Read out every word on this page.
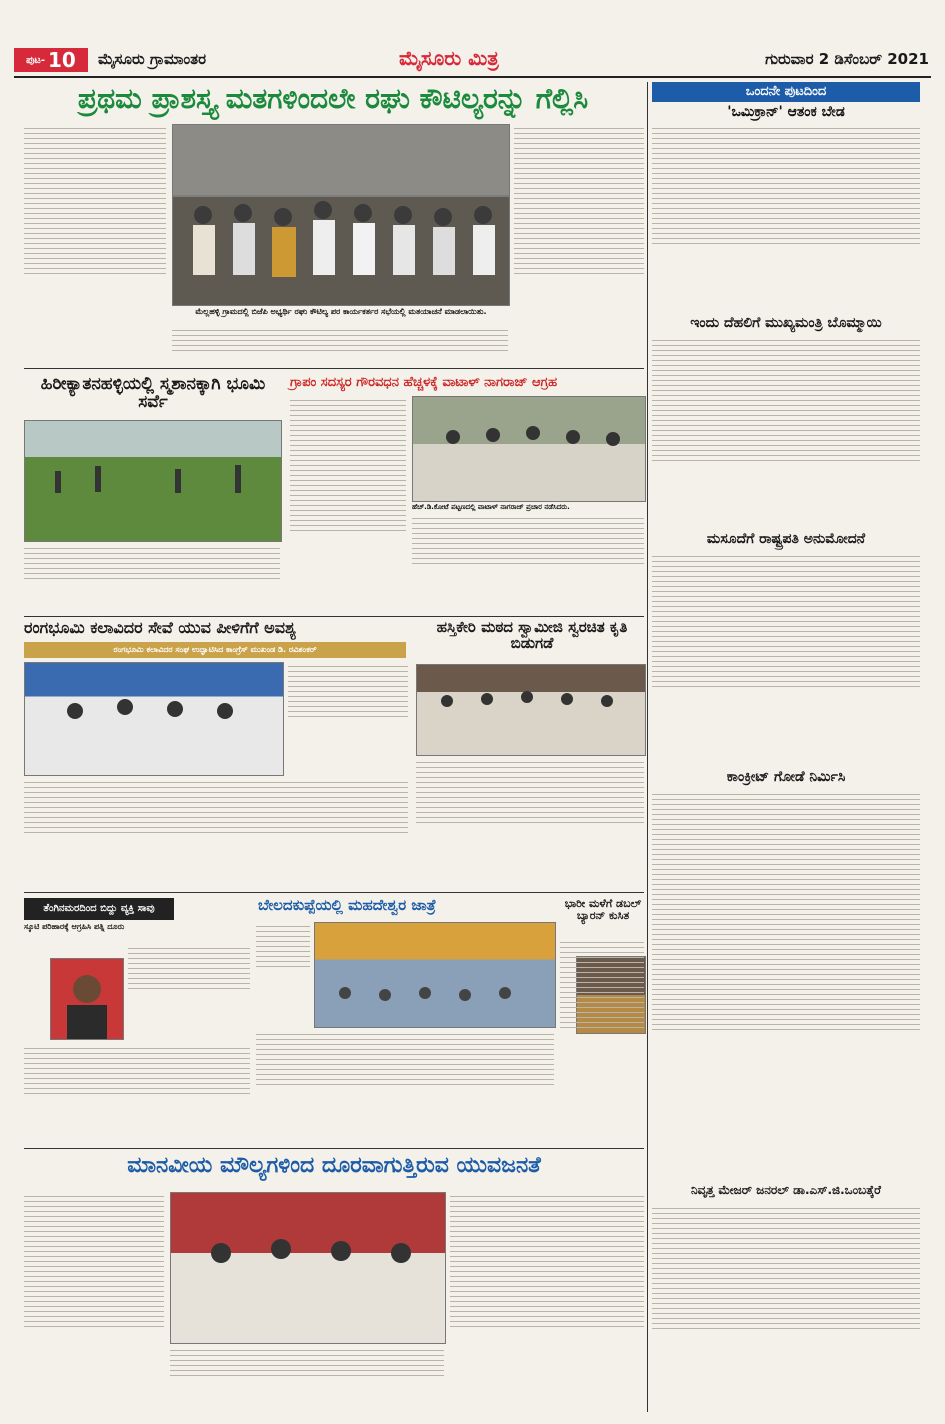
ಪುಟ- 10 ಮೈಸೂರು ಗ್ರಾಮಾಂತರ	ಮೈಸೂರು ಮಿತ್ರ	ಗುರುವಾರ 2 ಡಿಸೆಂಬರ್ 2021
ಪ್ರಥಮ ಪ್ರಾಶಸ್ತ್ಯ ಮತಗಳಿಂದಲೇ ರಘು ಕೌಟಿಲ್ಯರನ್ನು ಗೆಲ್ಲಿಸಿ
ಮೆಲ್ಲಹಳ್ಳಿ ಗ್ರಾಮದಲ್ಲಿ ಬಿಜೆಪಿ ಅಭ್ಯರ್ಥಿ ರಘು ಕೌಟಿಲ್ಯ ಪರ ಕಾರ್ಯಕರ್ತರ ಸಭೆಯಲ್ಲಿ ಮತಯಾಚನೆ ಮಾಡಲಾಯಿತು.
ಒಂದನೇ ಪುಟದಿಂದ
'ಒಮಿಕ್ರಾನ್' ಆತಂಕ ಬೇಡ
ಇಂದು ದೆಹಲಿಗೆ ಮುಖ್ಯಮಂತ್ರಿ ಬೊಮ್ಮಾಯಿ
ಮಸೂದೆಗೆ ರಾಷ್ಟ್ರಪತಿ ಅನುಮೋದನೆ
ಕಾಂಕ್ರೀಟ್ ಗೋಡೆ ನಿರ್ಮಿಸಿ
ನಿವೃತ್ತ ಮೇಜರ್ ಜನರಲ್ ಡಾ.ಎಸ್.ಜಿ.ಒಂಬತ್ಕೆರೆ
ಹಿರೀಕ್ಯಾತನಹಳ್ಳಿಯಲ್ಲಿ ಸ್ಮಶಾನಕ್ಕಾಗಿ ಭೂಮಿ ಸರ್ವೆ
ಗ್ರಾಪಂ ಸದಸ್ಯರ ಗೌರವಧನ ಹೆಚ್ಚಳಕ್ಕೆ ವಾಟಾಳ್ ನಾಗರಾಜ್ ಆಗ್ರಹ
ಹೆಚ್.ಡಿ.ಕೋಟೆ ಪಟ್ಟಣದಲ್ಲಿ ವಾಟಾಳ್ ನಾಗರಾಜ್ ಪ್ರಚಾರ ನಡೆಸಿದರು.
ರಂಗಭೂಮಿ ಕಲಾವಿದರ ಸೇವೆ ಯುವ ಪೀಳಿಗೆಗೆ ಅವಶ್ಯ
ರಂಗಭೂಮಿ ಕಲಾವಿದರ ಸಂಘ ಉದ್ಘಾಟಿಸಿದ ಕಾಂಗ್ರೆಸ್ ಮುಖಂಡ ಡಿ. ರವಿಶಂಕರ್
ಹಸ್ತಿಕೇರಿ ಮಠದ ಸ್ವಾಮೀಜಿ ಸ್ವರಚಿತ ಕೃತಿ ಬಿಡುಗಡೆ
ತೆಂಗಿನಮರದಿಂದ ಬಿದ್ದು ವ್ಯಕ್ತಿ ಸಾವು
ಸ್ಕೂಟಿ ಪರಿಹಾರಕ್ಕೆ ಆಗ್ರಹಿಸಿ ಪತ್ನಿ ದೂರು
ಬೇಲದಕುಪ್ಪೆಯಲ್ಲಿ ಮಹದೇಶ್ವರ ಜಾತ್ರೆ	ಭಾರೀ ಮಳೆಗೆ ಡಬಲ್ ಬ್ಯಾರನ್ ಕುಸಿತ
ಮಾನವೀಯ ಮೌಲ್ಯಗಳಿಂದ ದೂರವಾಗುತ್ತಿರುವ ಯುವಜನತೆ
